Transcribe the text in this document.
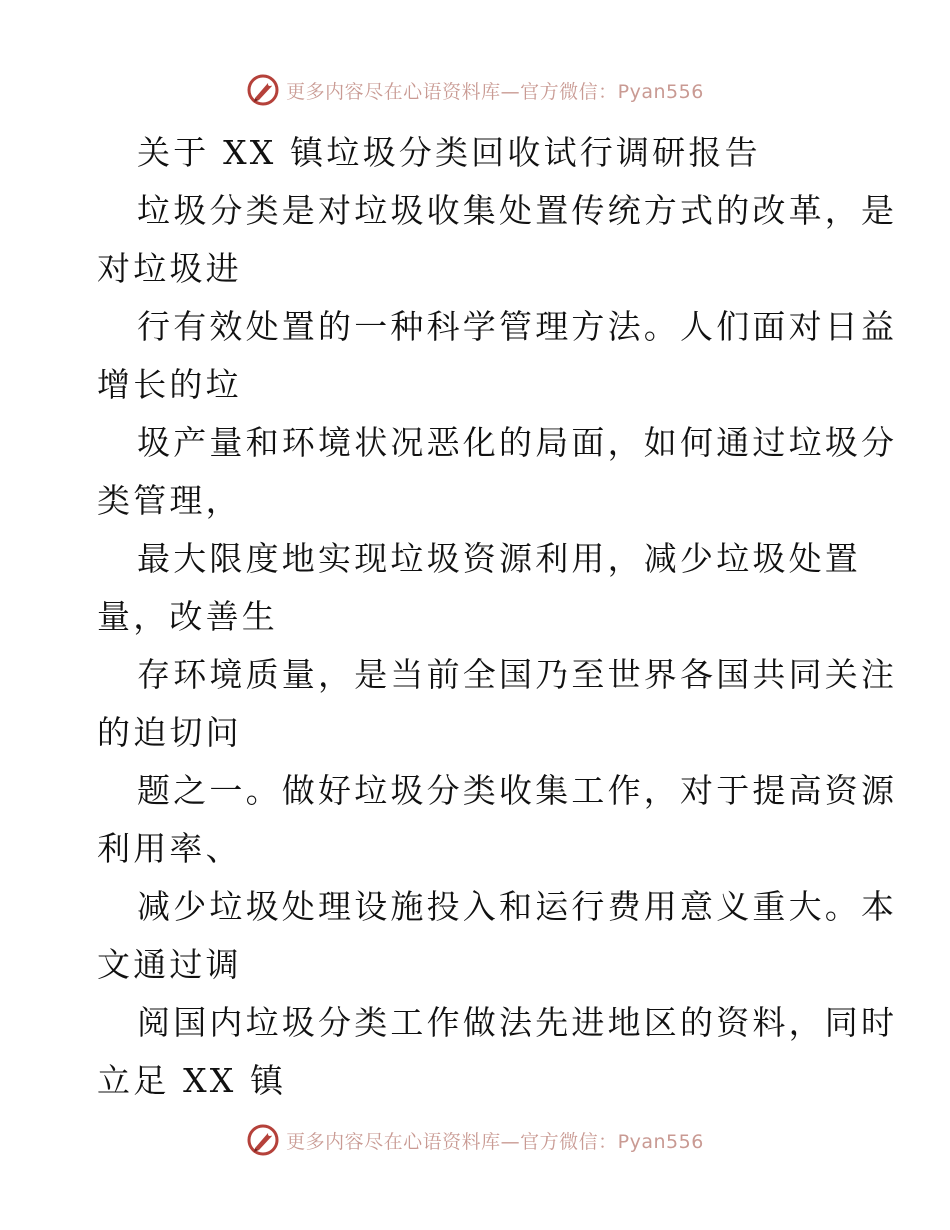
更多内容尽在心语资料库—官方微信：Pyan556
关于 XX 镇垃圾分类回收试行调研报告
垃圾分类是对垃圾收集处置传统方式的改革，是
对垃圾进
行有效处置的一种科学管理方法。人们面对日益
增长的垃
圾产量和环境状况恶化的局面，如何通过垃圾分
类管理，
最大限度地实现垃圾资源利用，减少垃圾处置
量，改善生
存环境质量，是当前全国乃至世界各国共同关注
的迫切问
题之一。做好垃圾分类收集工作，对于提高资源
利用率、
减少垃圾处理设施投入和运行费用意义重大。本
文通过调
阅国内垃圾分类工作做法先进地区的资料，同时
立足 XX 镇
更多内容尽在心语资料库—官方微信：Pyan556
